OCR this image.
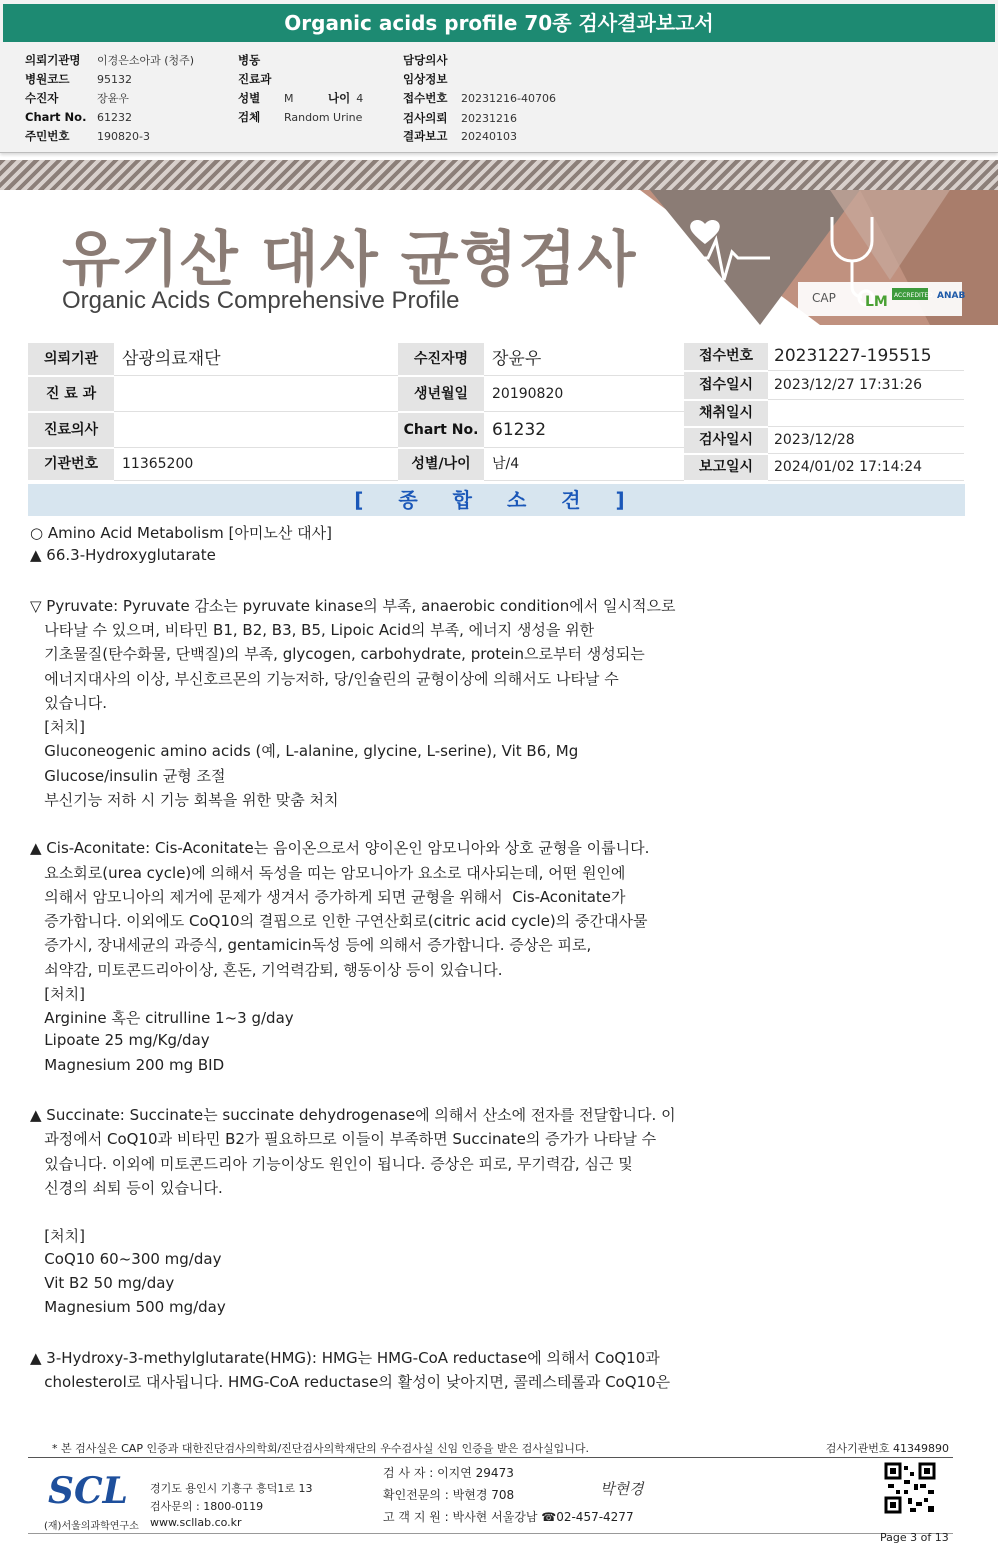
Organic acids profile 70종 검사결과보고서
의뢰기관명 이경은소아과 (청주)
병원코드	95132
수진자	장윤우
Chart No. 61232
주민번호	190820-3
병동
진료과
성별 M	나이 4
검체 Random Urine
담당의사
임상정보
접수번호 20231216-40706
검사의뢰 20231216
결과보고 20240103
CAP LM ACCREDITED ANAB
유기산 대사 균형검사
Organic Acids Comprehensive Profile
의뢰기관	삼광의료재단
진 료 과
진료의사
기관번호	11365200
수진자명	장윤우
생년월일	20190820
Chart No. 61232
성별/나이	남/4
접수번호	20231227-195515
접수일시	2023/12/27 17:31:26
채취일시
검사일시	2023/12/28
보고일시	2024/01/02 17:14:24
[ 종 합 소 견 ]
○ Amino Acid Metabolism [아미노산 대사]
▲ 66.3-Hydroxyglutarate
▽ Pyruvate: Pyruvate 감소는 pyruvate kinase의 부족, anaerobic condition에서 일시적으로
나타날 수 있으며, 비타민 B1, B2, B3, B5, Lipoic Acid의 부족, 에너지 생성을 위한
기초물질(탄수화물, 단백질)의 부족, glycogen, carbohydrate, protein으로부터 생성되는
에너지대사의 이상, 부신호르몬의 기능저하, 당/인슐린의 균형이상에 의해서도 나타날 수
있습니다.
[처치]
Gluconeogenic amino acids (예, L-alanine, glycine, L-serine), Vit B6, Mg
Glucose/insulin 균형 조절
부신기능 저하 시 기능 회복을 위한 맞춤 처치
▲ Cis-Aconitate: Cis-Aconitate는 음이온으로서 양이온인 암모니아와 상호 균형을 이룹니다.
요소회로(urea cycle)에 의해서 독성을 띠는 암모니아가 요소로 대사되는데, 어떤 원인에
의해서 암모니아의 제거에 문제가 생겨서 증가하게 되면 균형을 위해서  Cis-Aconitate가
증가합니다. 이외에도 CoQ10의 결핍으로 인한 구연산회로(citric acid cycle)의 중간대사물
증가시, 장내세균의 과증식, gentamicin독성 등에 의해서 증가합니다. 증상은 피로,
쇠약감, 미토콘드리아이상, 혼돈, 기억력감퇴, 행동이상 등이 있습니다.
[처치]
Arginine 혹은 citrulline 1~3 g/day
Lipoate 25 mg/Kg/day
Magnesium 200 mg BID
▲ Succinate: Succinate는 succinate dehydrogenase에 의해서 산소에 전자를 전달합니다. 이
과정에서 CoQ10과 비타민 B2가 필요하므로 이들이 부족하면 Succinate의 증가가 나타날 수
있습니다. 이외에 미토콘드리아 기능이상도 원인이 됩니다. 증상은 피로, 무기력감, 심근 및
신경의 쇠퇴 등이 있습니다.
[처치]
CoQ10 60~300 mg/day
Vit B2 50 mg/day
Magnesium 500 mg/day
▲ 3-Hydroxy-3-methylglutarate(HMG): HMG는 HMG-CoA reductase에 의해서 CoQ10과
cholesterol로 대사됩니다. HMG-CoA reductase의 활성이 낮아지면, 콜레스테롤과 CoQ10은
* 본 검사실은 CAP 인증과 대한진단검사의학회/진단검사의학재단의 우수검사실 신임 인증을 받은 검사실입니다.	검사기관번호 41349890
SCL
(재)서울의과학연구소
경기도 용인시 기흥구 흥덕1로 13
검사문의 : 1800-0119
www.scllab.co.kr
검 사 자 : 이지연 29473
확인전문의 : 박현경 708
고 객 지 원 : 박사현 서울강남 ☎02-457-4277
박현경
Page 3 of 13
